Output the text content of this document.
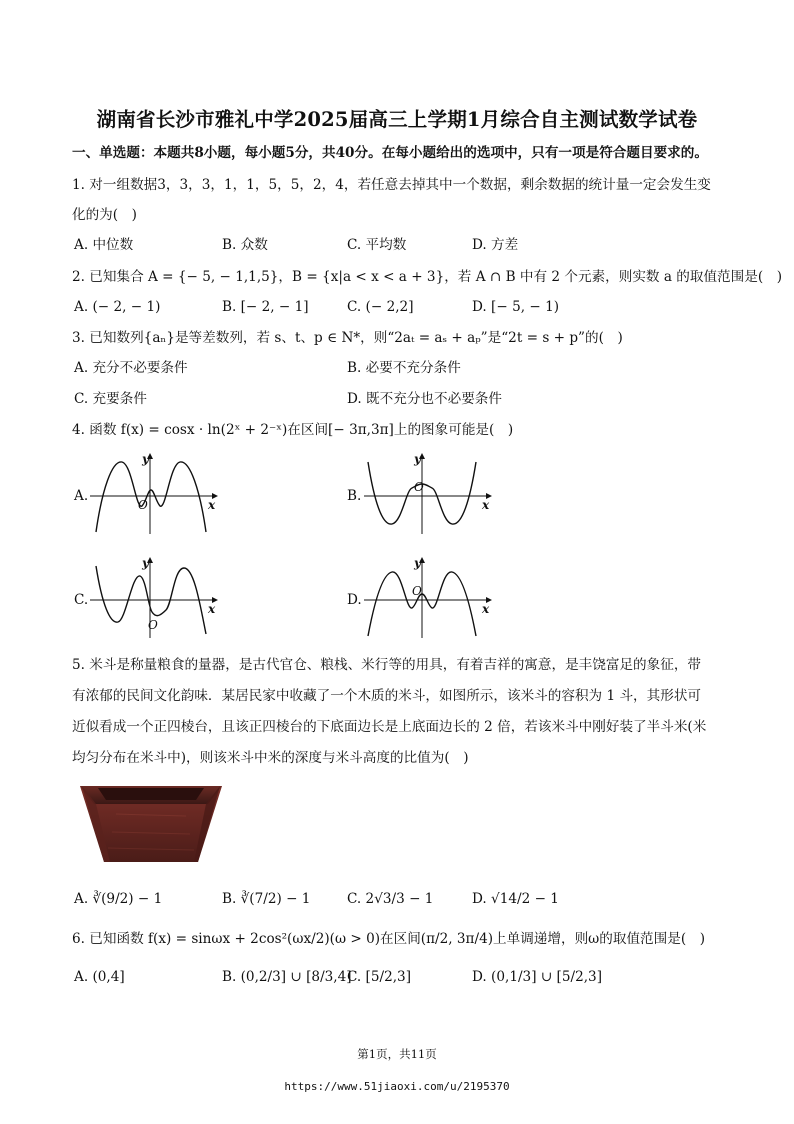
湖南省长沙市雅礼中学2025届高三上学期1月综合自主测试数学试卷
一、单选题：本题共8小题，每小题5分，共40分。在每小题给出的选项中，只有一项是符合题目要求的。
1. 对一组数据3，3，3，1，1，5，5，2，4，若任意去掉其中一个数据，剩余数据的统计量一定会发生变
化的为(　)
A. 中位数	B. 众数	C. 平均数	D. 方差
2. 已知集合 A = {− 5, − 1,1,5}，B = {x|a < x < a + 3}，若 A ∩ B 中有 2 个元素，则实数 a 的取值范围是(　)
A. (− 2, − 1)	B. [− 2, − 1]	C. (− 2,2]	D. [− 5, − 1)
3. 已知数列{aₙ}是等差数列，若 s、t、p ∈ N*，则“2aₜ = aₛ + aₚ”是“2t = s + p”的(　)
A. 充分不必要条件	B. 必要不充分条件
C. 充要条件	D. 既不充分也不必要条件
4. 函数 f(x) = cosx · ln(2ˣ + 2⁻ˣ)在区间[− 3π,3π]上的图象可能是(　)
A.
y
x
O
B.
y
x
O
C.
y
x
O
D.
y
x
O
5. 米斗是称量粮食的量器，是古代官仓、粮栈、米行等的用具，有着吉祥的寓意，是丰饶富足的象征，带
有浓郁的民间文化韵味．某居民家中收藏了一个木质的米斗，如图所示，该米斗的容积为 1 斗，其形状可
近似看成一个正四棱台，且该正四棱台的下底面边长是上底面边长的 2 倍，若该米斗中刚好装了半斗米(米
均匀分布在米斗中)，则该米斗中米的深度与米斗高度的比值为(　)
A. ∛(9/2) − 1	B. ∛(7/2) − 1	C. 2√3/3 − 1	D. √14/2 − 1
6. 已知函数 f(x) = sinωx + 2cos²(ωx/2)(ω > 0)在区间(π/2, 3π/4)上单调递增，则ω的取值范围是(　)
A. (0,4]	B. (0,2/3] ∪ [8/3,4]
C. [5/2,3]	D. (0,1/3] ∪ [5/2,3]
第1页，共11页
https://www.51jiaoxi.com/u/2195370
